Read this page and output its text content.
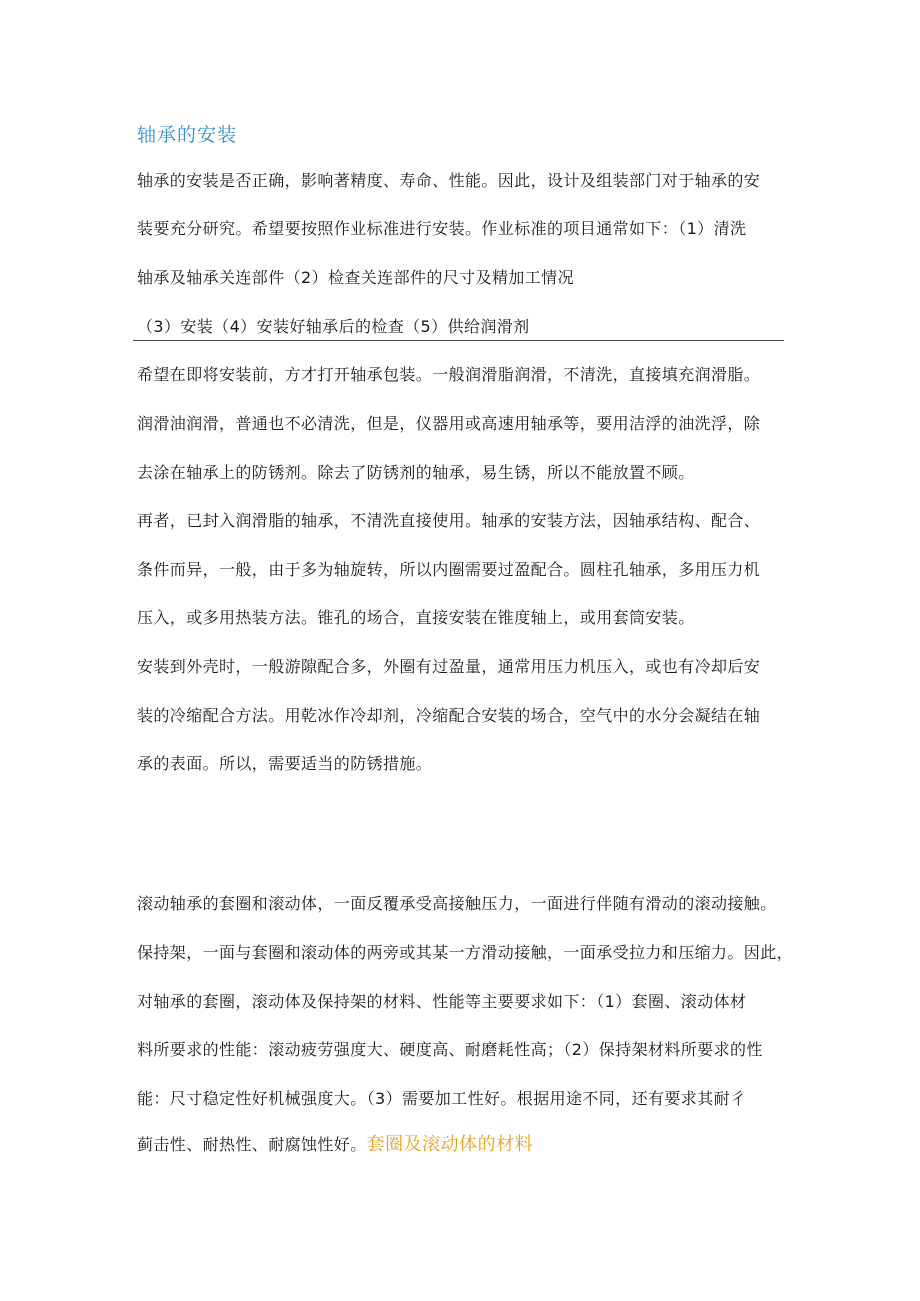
轴承的安装
轴承的安装是否正确，影响著精度、寿命、性能。因此，设计及组装部门对于轴承的安
装要充分研究。希望要按照作业标准进行安装。作业标准的项目通常如下：（1）清洗
轴承及轴承关连部件（2）检查关连部件的尺寸及精加工情况
（3）安装（4）安装好轴承后的检查（5）供给润滑剂
希望在即将安装前，方才打开轴承包装。一般润滑脂润滑，不清洗，直接填充润滑脂。
润滑油润滑，普通也不必清洗，但是，仪器用或高速用轴承等，要用洁浮的油洗浮，除
去涂在轴承上的防锈剂。除去了防锈剂的轴承，易生锈，所以不能放置不顾。
再者，已封入润滑脂的轴承，不清洗直接使用。轴承的安装方法，因轴承结构、配合、
条件而异，一般，由于多为轴旋转，所以内圈需要过盈配合。圆柱孔轴承，多用压力机
压入，或多用热装方法。锥孔的场合，直接安装在锥度轴上，或用套筒安装。
安装到外壳时，一般游隙配合多，外圈有过盈量，通常用压力机压入，或也有冷却后安
装的冷缩配合方法。用乾冰作冷却剂，冷缩配合安装的场合，空气中的水分会凝结在轴
承的表面。所以，需要适当的防锈措施。
滚动轴承的套圈和滚动体，一面反覆承受高接触压力，一面进行伴随有滑动的滚动接触。
保持架，一面与套圈和滚动体的两旁或其某一方滑动接触，一面承受拉力和压缩力。因此，
对轴承的套圈，滚动体及保持架的材料、性能等主要要求如下：（1）套圈、滚动体材
料所要求的性能：滚动疲劳强度大、硬度高、耐磨耗性高；（2）保持架材料所要求的性
能：尺寸稳定性好机械强度大。（3）需要加工性好。根据用途不同，还有要求其耐彳
蓟击性、耐热性、耐腐蚀性好。套圈及滚动体的材料
